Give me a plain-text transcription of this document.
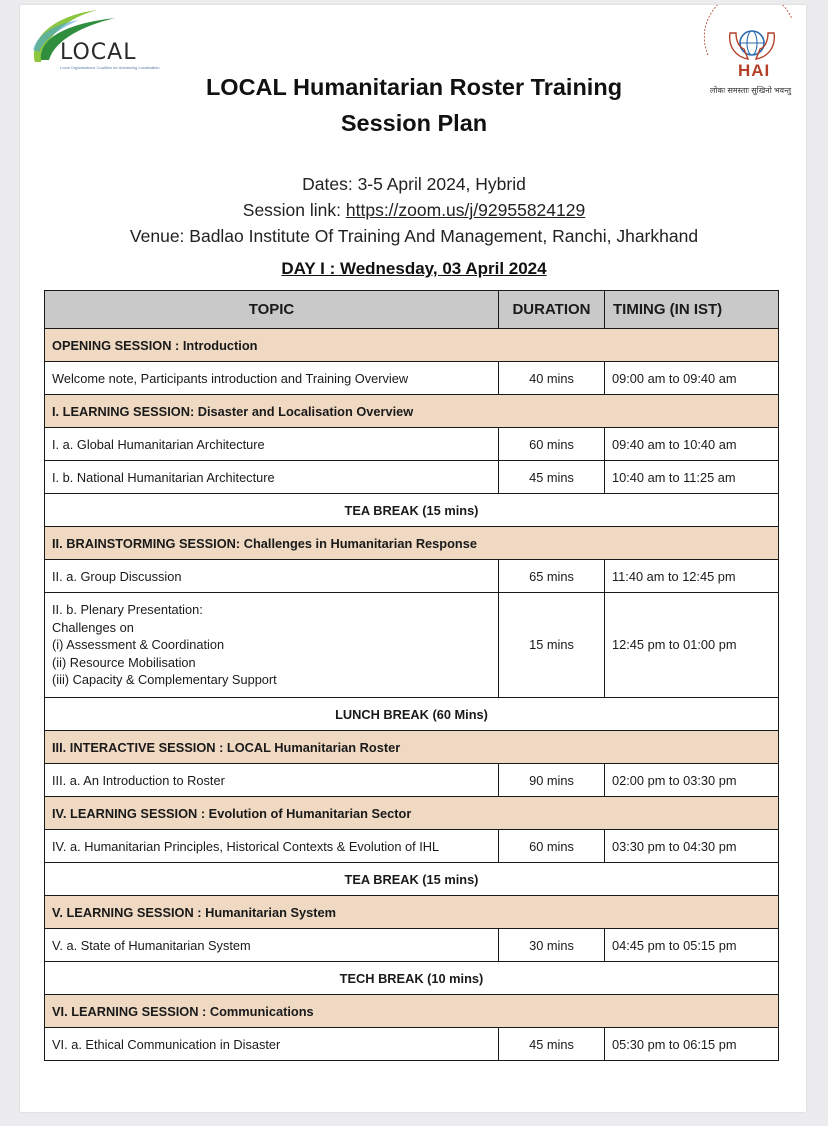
LOCAL
Local Organisations Coalition for Advancing Localisation	HAI
लोकः समस्ताः सुखिनो भवन्तु
LOCAL Humanitarian Roster Training
Session Plan
Dates: 3-5 April 2024, Hybrid
Session link: https://zoom.us/j/92955824129
Venue: Badlao Institute Of Training And Management, Ranchi, Jharkhand
DAY I : Wednesday, 03 April 2024
TOPIC	DURATION	TIMING (IN IST)
OPENING SESSION : Introduction		
Welcome note, Participants introduction and Training Overview	40 mins	09:00 am to 09:40 am
I. LEARNING SESSION: Disaster and Localisation Overview		
I. a. Global Humanitarian Architecture	60 mins	09:40 am to 10:40 am
I. b. National Humanitarian Architecture	45 mins	10:40 am to 11:25 am
TEA BREAK (15 mins)		
II. BRAINSTORMING SESSION: Challenges in Humanitarian Response		
II. a. Group Discussion	65 mins	11:40 am to 12:45 pm

II. b. Plenary Presentation:
Challenges on
(i) Assessment & Coordination
(ii) Resource Mobilisation
(iii) Capacity & Complementary Support	15 mins	12:45 pm to 01:00 pm
LUNCH BREAK (60 Mins)		
III. INTERACTIVE SESSION : LOCAL Humanitarian Roster		
III. a. An Introduction to Roster	90 mins	02:00 pm to 03:30 pm
IV. LEARNING SESSION : Evolution of Humanitarian Sector		
IV. a. Humanitarian Principles, Historical Contexts & Evolution of IHL	60 mins	03:30 pm to 04:30 pm
TEA BREAK (15 mins)		
V. LEARNING SESSION : Humanitarian System		
V. a. State of Humanitarian System	30 mins	04:45 pm to 05:15 pm
TECH BREAK (10 mins)		
VI. LEARNING SESSION : Communications		
VI. a. Ethical Communication in Disaster	45 mins	05:30 pm to 06:15 pm
